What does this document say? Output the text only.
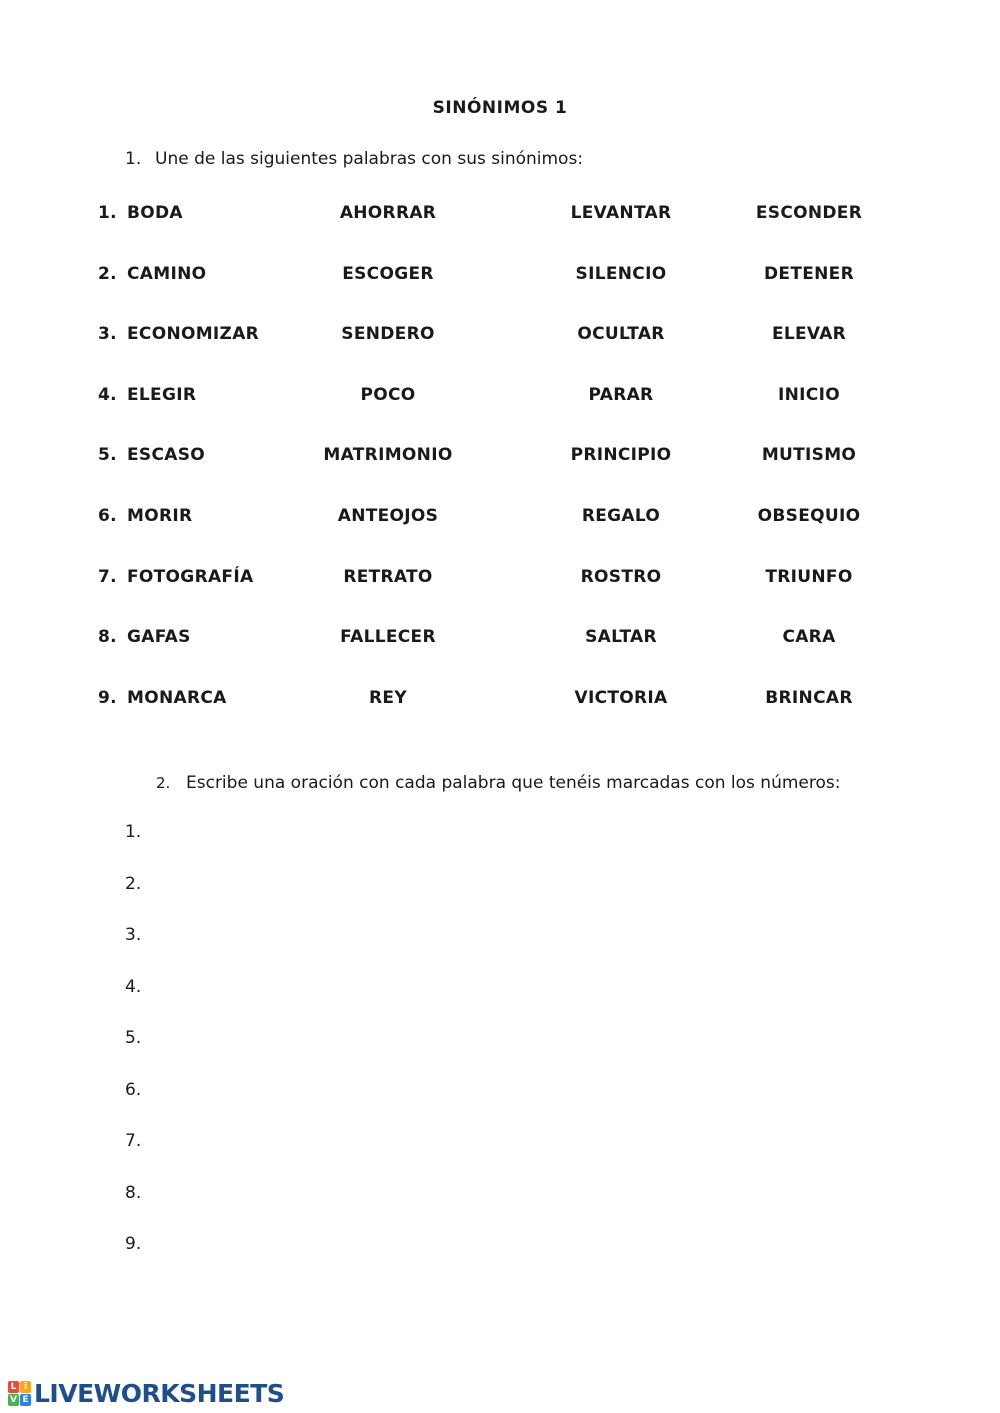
SINÓNIMOS 1
1. Une de las siguientes palabras con sus sinónimos:
1. BODA	AHORRAR	LEVANTAR	ESCONDER
2. CAMINO	ESCOGER	SILENCIO	DETENER
3. ECONOMIZAR	SENDERO	OCULTAR	ELEVAR
4. ELEGIR	POCO	PARAR	INICIO
5. ESCASO	MATRIMONIO	PRINCIPIO	MUTISMO
6. MORIR	ANTEOJOS	REGALO	OBSEQUIO
7. FOTOGRAFÍA	RETRATO	ROSTRO	TRIUNFO
8. GAFAS	FALLECER	SALTAR	CARA
9. MONARCA	REY	VICTORIA	BRINCAR
2. Escribe una oración con cada palabra que tenéis marcadas con los números:
1.
2.
3.
4.
5.
6.
7.
8.
9.
L i
V E LIVEWORKSHEETS
